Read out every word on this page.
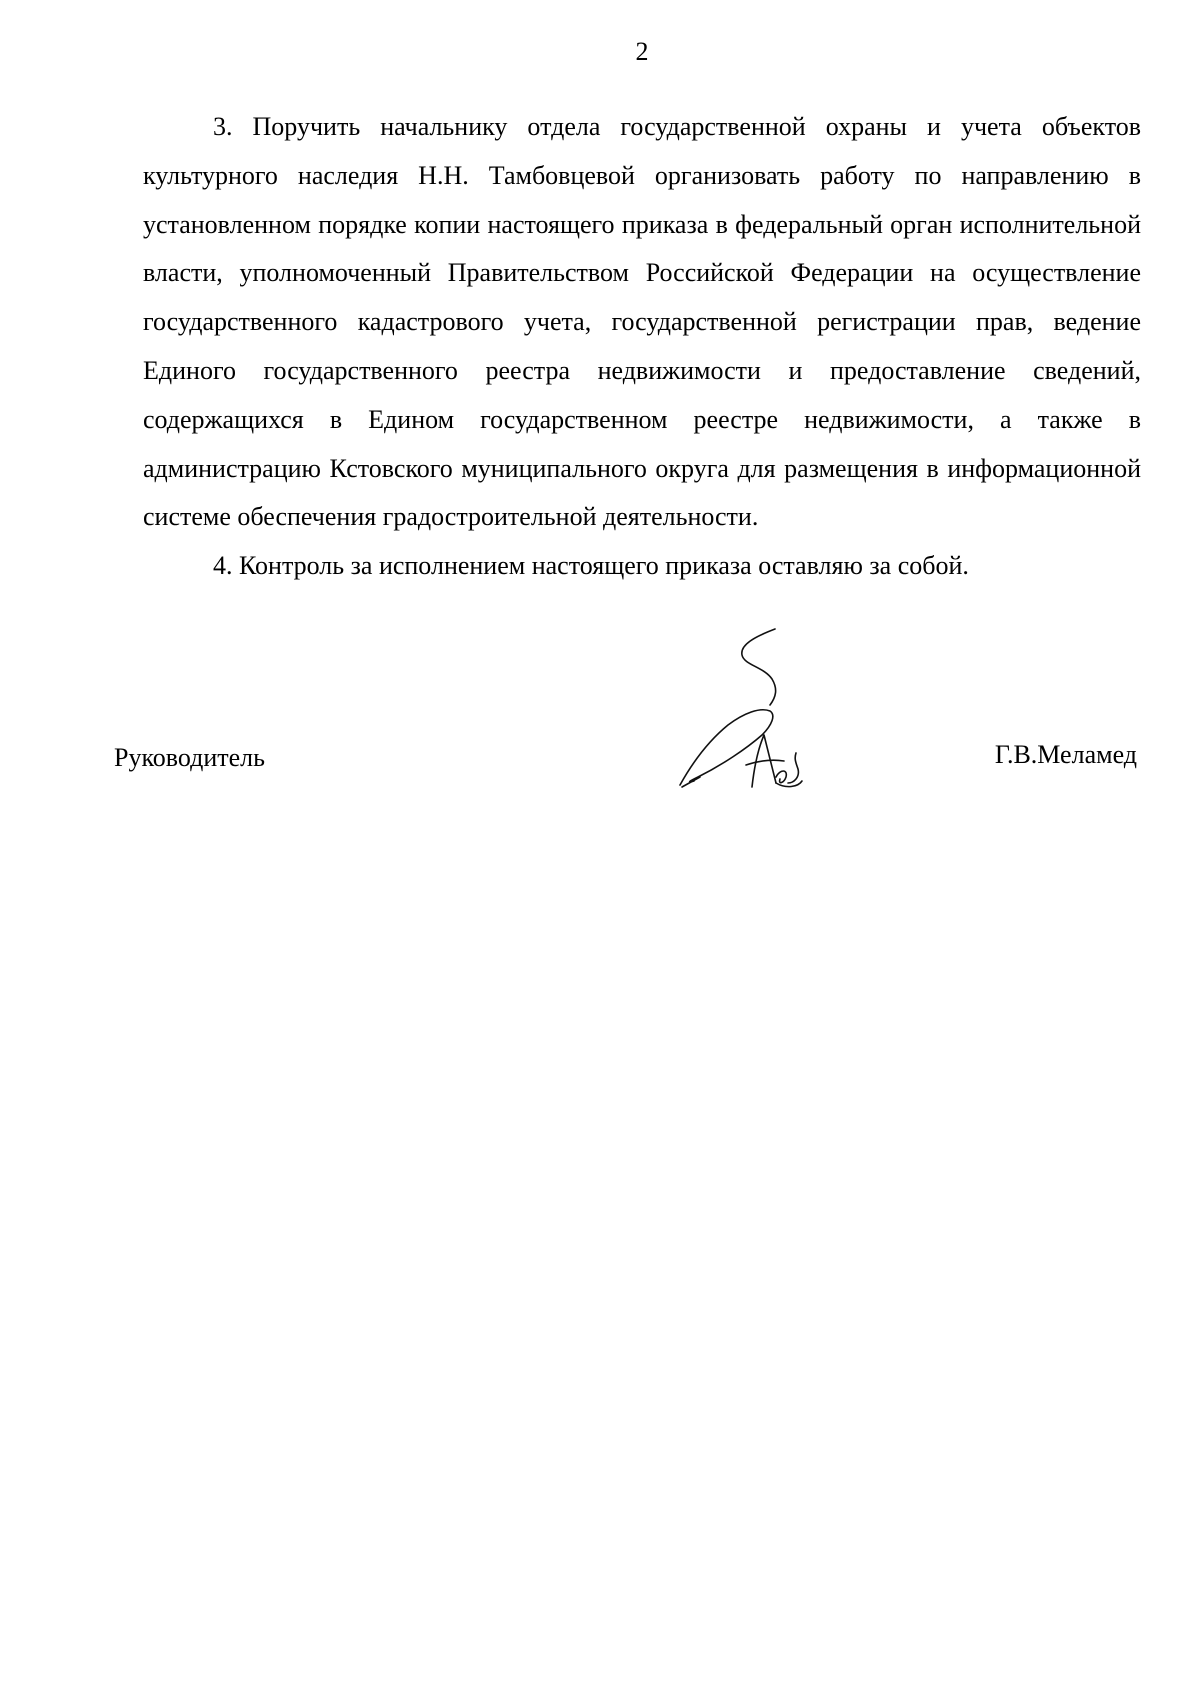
2

3. Поручить начальнику отдела государственной охраны и учета объектов культурного наследия Н.Н. Тамбовцевой организовать работу по направлению в установленном порядке копии настоящего приказа в федеральный орган исполнительной власти, уполномоченный Правительством Российской Федерации на осуществление государственного кадастрового учета, государственной регистрации прав, ведение Единого государственного реестра недвижимости и предоставление сведений, содержащихся в Едином государственном реестре недвижимости, а также в администрацию Кстовского муниципального округа для размещения в информационной системе обеспечения градостроительной деятельности.

4. Контроль за исполнением настоящего приказа оставляю за собой.

Руководитель	Г.В.Меламед
